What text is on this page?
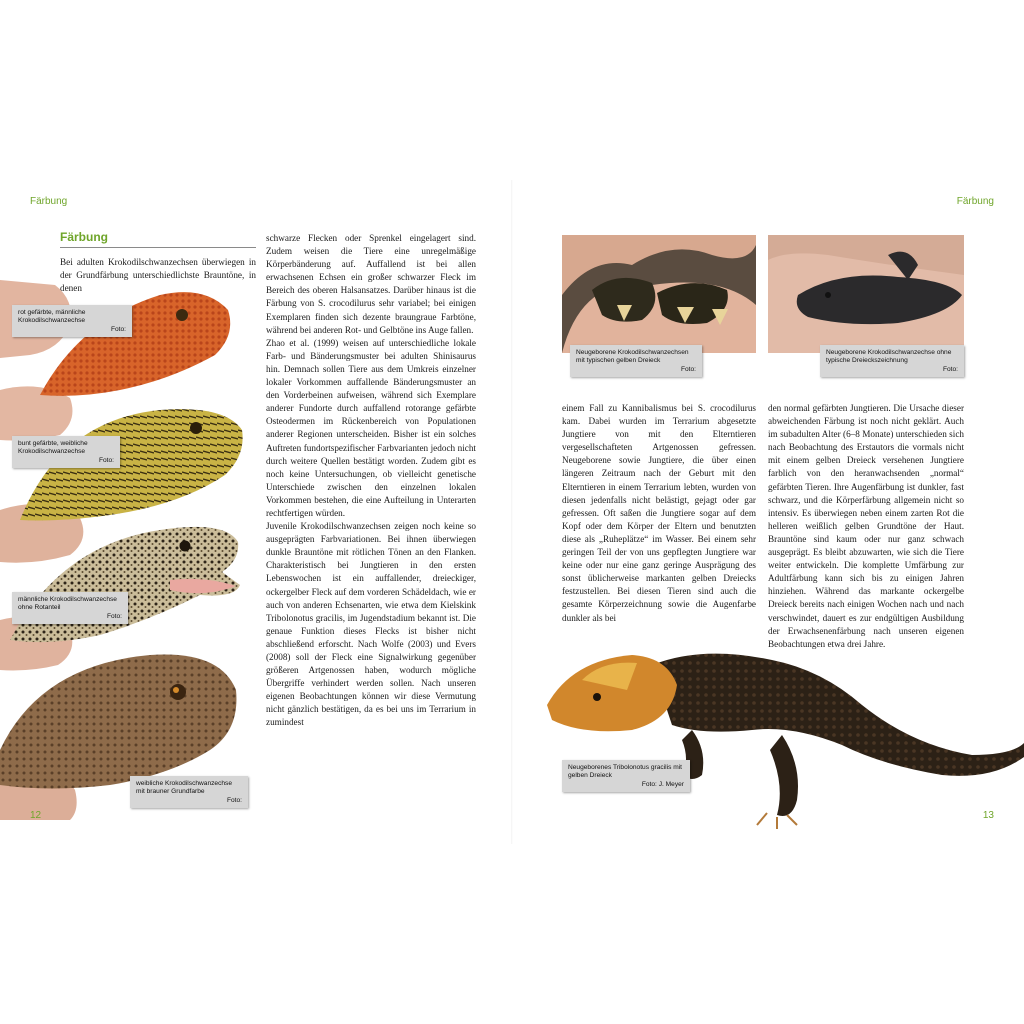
Färbung
Färbung

Bei adulten Krokodilschwanzechsen überwiegen in der Grundfärbung unterschiedlichste Brauntöne, in denen

rot gefärbte, männliche Krokodilschwanzechse
Foto:
bunt gefärbte, weibliche Krokodilschwanzechse
Foto:
männliche Krokodilschwanzechse ohne Rotanteil
Foto:
weibliche Krokodilschwanzechse mit brauner Grundfarbe
Foto:

schwarze Flecken oder Sprenkel eingelagert sind. Zudem weisen die Tiere eine unregelmäßige Körperbänderung auf. Auffallend ist bei allen erwachsenen Echsen ein großer schwarzer Fleck im Bereich des oberen Halsansatzes. Darüber hinaus ist die Färbung von S. crocodilurus sehr variabel; bei einigen Exemplaren finden sich dezente braungraue Farbtöne, während bei anderen Rot- und Gelbtöne ins Auge fallen.

Zhao et al. (1999) weisen auf unterschiedliche lokale Farb- und Bänderungsmuster bei adulten Shinisaurus hin. Demnach sollen Tiere aus dem Umkreis einzelner lokaler Vorkommen auffallende Bänderungsmuster an den Vorderbeinen aufweisen, während sich Exemplare anderer Fundorte durch auffallend rotorange gefärbte Osteodermen im Rückenbereich von Populationen anderer Regionen unterscheiden. Bisher ist ein solches Auftreten fundortspezifischer Farbvarianten jedoch nicht durch weitere Quellen bestätigt worden. Zudem gibt es noch keine Untersuchungen, ob vielleicht genetische Unterschiede zwischen den einzelnen lokalen Vorkommen bestehen, die eine Aufteilung in Unterarten rechtfertigen würden.

Juvenile Krokodilschwanzechsen zeigen noch keine so ausgeprägten Farbvariationen. Bei ihnen überwiegen dunkle Brauntöne mit rötlichen Tönen an den Flanken. Charakteristisch bei Jungtieren in den ersten Lebenswochen ist ein auffallender, dreieckiger, ockergelber Fleck auf dem vorderen Schädeldach, wie er auch von anderen Echsenarten, wie etwa dem Kielskink Tribolonotus gracilis, im Jugendstadium bekannt ist. Die genaue Funktion dieses Flecks ist bisher nicht abschließend erforscht. Nach Wolfe (2003) und Evers (2008) soll der Fleck eine Signalwirkung gegenüber größeren Artgenossen haben, wodurch mögliche Übergriffe verhindert werden sollen. Nach unseren eigenen Beobachtungen können wir diese Vermutung nicht gänzlich bestätigen, da es bei uns im Terrarium in zumindest

12
Färbung
Neugeborene Krokodilschwanzechsen mit typischen gelben Dreieck
Foto:
Neugeborene Krokodilschwanzechse ohne typische Dreieckszeichnung
Foto:

einem Fall zu Kannibalismus bei S. crocodilurus kam. Dabei wurden im Terrarium abgesetzte Jungtiere von mit den Elterntieren vergesellschafteten Artgenossen gefressen. Neugeborene sowie Jungtiere, die über einen längeren Zeitraum nach der Geburt mit den Elterntieren in einem Terrarium lebten, wurden von diesen jedenfalls nicht belästigt, gejagt oder gar gefressen. Oft saßen die Jungtiere sogar auf dem Kopf oder dem Körper der Eltern und benutzten diese als „Ruheplätze“ im Wasser. Bei einem sehr geringen Teil der von uns gepflegten Jungtiere war keine oder nur eine ganz geringe Ausprägung des sonst üblicherweise markanten gelben Dreiecks festzustellen. Bei diesen Tieren sind auch die gesamte Körperzeichnung sowie die Augenfarbe dunkler als bei

den normal gefärbten Jungtieren. Die Ursache dieser abweichenden Färbung ist noch nicht geklärt. Auch im subadulten Alter (6–8 Monate) unterschieden sich nach Beobachtung des Erstautors die vormals nicht mit einem gelben Dreieck versehenen Jungtiere farblich von den heranwachsenden „normal“ gefärbten Tieren. Ihre Augenfärbung ist dunkler, fast schwarz, und die Körperfärbung allgemein nicht so intensiv. Es überwiegen neben einem zarten Rot die helleren weißlich gelben Grundtöne der Haut. Brauntöne sind kaum oder nur ganz schwach ausgeprägt. Es bleibt abzuwarten, wie sich die Tiere weiter entwickeln. Die komplette Umfärbung zur Adultfärbung kann sich bis zu einigen Jahren hinziehen. Während das markante ockergelbe Dreieck bereits nach einigen Wochen nach und nach verschwindet, dauert es zur endgültigen Ausbildung der Erwachsenenfärbung nach unseren eigenen Beobachtungen etwa drei Jahre.

Neugeborenes Tribolonotus gracilis mit gelben Dreieck
Foto: J. Meyer
13
